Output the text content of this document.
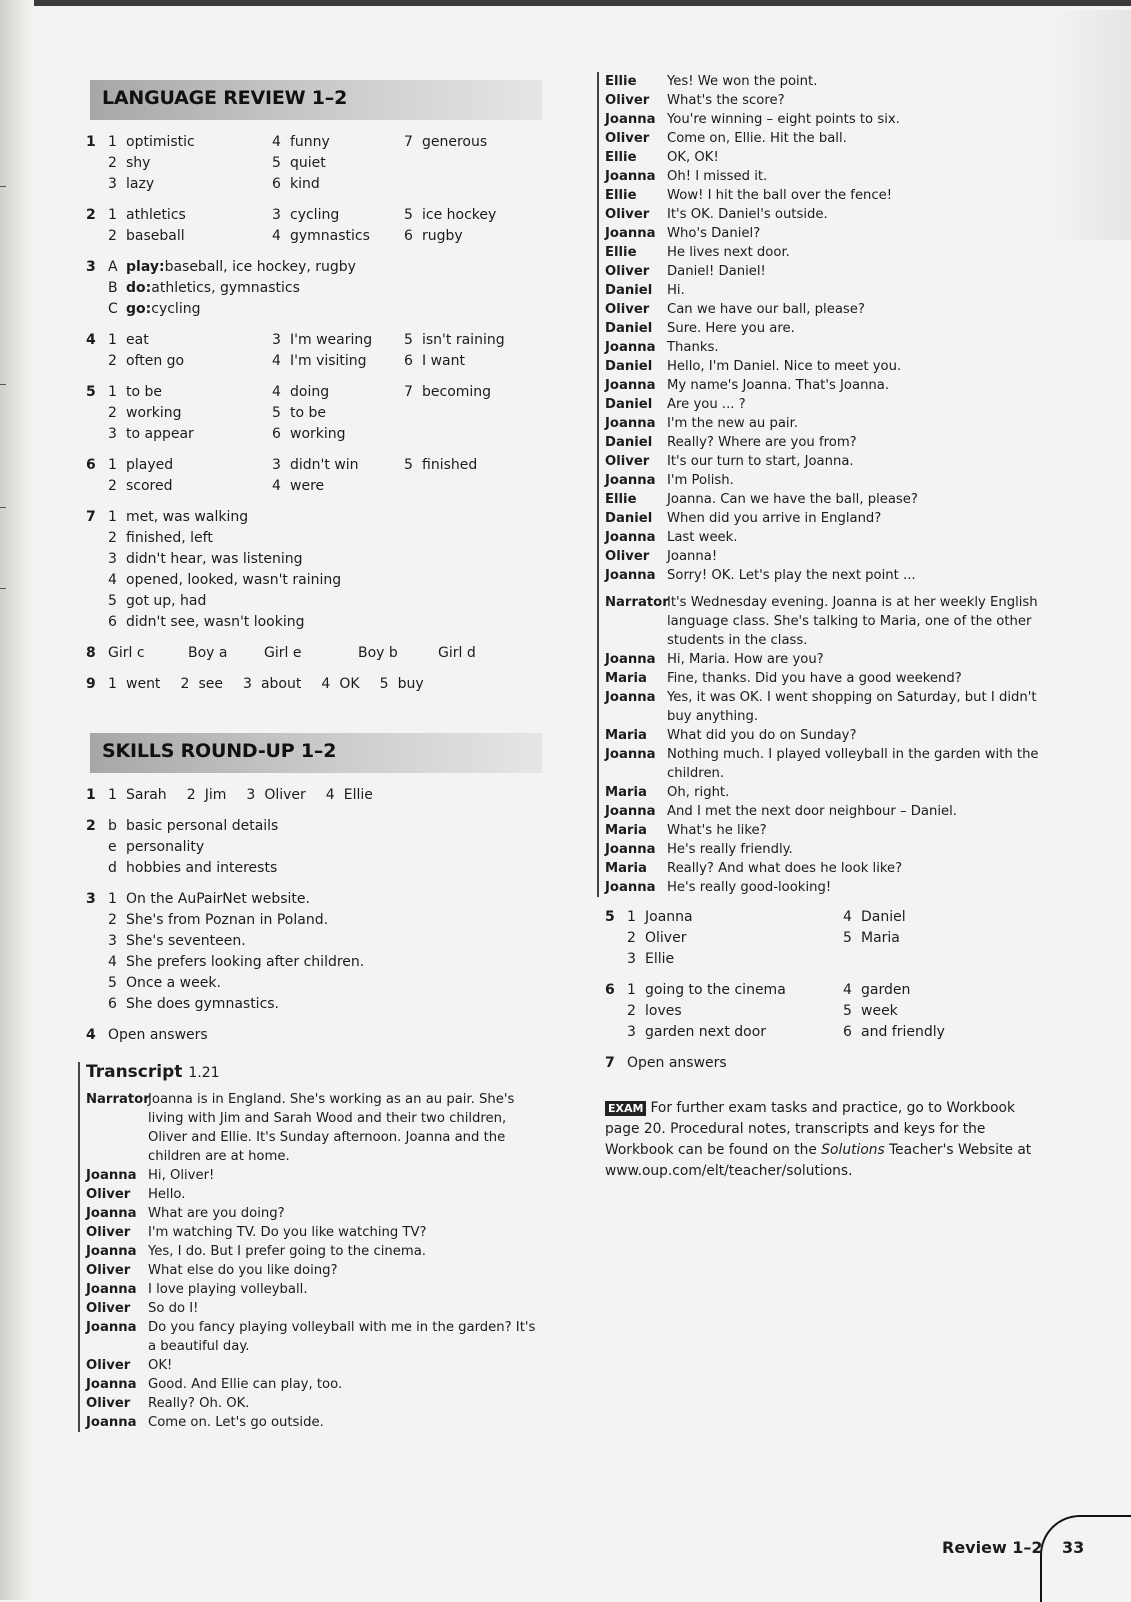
LANGUAGE REVIEW 1–2
1 1 optimistic	4 funny	7 generous
2 shy	5 quiet
3 lazy	6 kind
2 1 athletics	3 cycling	5 ice hockey
2 baseball	4 gymnastics 6 rugby
3 A play: baseball, ice hockey, rugby
B do: athletics, gymnastics
C go: cycling
4 1 eat	3 I'm wearing 5 isn't raining
2 often go	4 I'm visiting	6 I want
5 1 to be	4 doing	7 becoming
2 working	5 to be
3 to appear	6 working
6 1 played	3 didn't win	5 finished
2 scored	4 were
7 1 met, was walking
2 finished, left
3 didn't hear, was listening
4 opened, looked, wasn't raining
5 got up, had
6 didn't see, wasn't looking
8 Girl c	Boy a	Girl e	Boy b	Girl d
9 1 went 2 see 3 about 4 OK 5 buy
SKILLS ROUND-UP 1–2
1 1 Sarah 2 Jim 3 Oliver 4 Ellie
2 b basic personal details
e personality
d hobbies and interests
3 1 On the AuPairNet website.
2 She's from Poznan in Poland.
3 She's seventeen.
4 She prefers looking after children.
5 Once a week.
6 She does gymnastics.
4 Open answers
Transcript 1.21
Narrator
Joanna is in England. She's working as an au pair. She's living with Jim and Sarah Wood and their two children, Oliver and Ellie. It's Sunday afternoon. Joanna and the children are at home.
Joanna Hi, Oliver!
Oliver	Hello.
Joanna What are you doing?
Oliver	I'm watching TV. Do you like watching TV?
Joanna Yes, I do. But I prefer going to the cinema.
Oliver	What else do you like doing?
Joanna I love playing volleyball.
Oliver	So do I!
Joanna Do you fancy playing volleyball with me in the garden? It's a beautiful day.
Oliver	OK!
Joanna Good. And Ellie can play, too.
Oliver	Really? Oh. OK.
Joanna Come on. Let's go outside.
Ellie	Yes! We won the point.
Oliver	What's the score?
Joanna You're winning – eight points to six.
Oliver	Come on, Ellie. Hit the ball.
Ellie	OK, OK!
Joanna Oh! I missed it.
Ellie	Wow! I hit the ball over the fence!
Oliver	It's OK. Daniel's outside.
Joanna Who's Daniel?
Ellie	He lives next door.
Oliver	Daniel! Daniel!
Daniel	Hi.
Oliver	Can we have our ball, please?
Daniel	Sure. Here you are.
Joanna Thanks.
Daniel	Hello, I'm Daniel. Nice to meet you.
Joanna My name's Joanna. That's Joanna.
Daniel	Are you ... ?
Joanna I'm the new au pair.
Daniel	Really? Where are you from?
Oliver	It's our turn to start, Joanna.
Joanna I'm Polish.
Ellie	Joanna. Can we have the ball, please?
Daniel	When did you arrive in England?
Joanna Last week.
Oliver	Joanna!
Joanna Sorry! OK. Let's play the next point ...
Narrator
It's Wednesday evening. Joanna is at her weekly English language class. She's talking to Maria, one of the other students in the class.
Joanna Hi, Maria. How are you?
Maria	Fine, thanks. Did you have a good weekend?
Joanna Yes, it was OK. I went shopping on Saturday, but I didn't buy anything.
Maria	What did you do on Sunday?
Joanna Nothing much. I played volleyball in the garden with the children.
Maria	Oh, right.
Joanna And I met the next door neighbour – Daniel.
Maria	What's he like?
Joanna He's really friendly.
Maria	Really? And what does he look like?
Joanna He's really good-looking!
5 1 Joanna	4 Daniel
2 Oliver	5 Maria
3 Ellie
6 1 going to the cinema	4 garden
2 loves	5 week
3 garden next door	6 and friendly
7 Open answers
EXAM For further exam tasks and practice, go to Workbook page 20. Procedural notes, transcripts and keys for the Workbook can be found on the Solutions Teacher's Website at www.oup.com/elt/teacher/solutions.
Review 1–2 33
